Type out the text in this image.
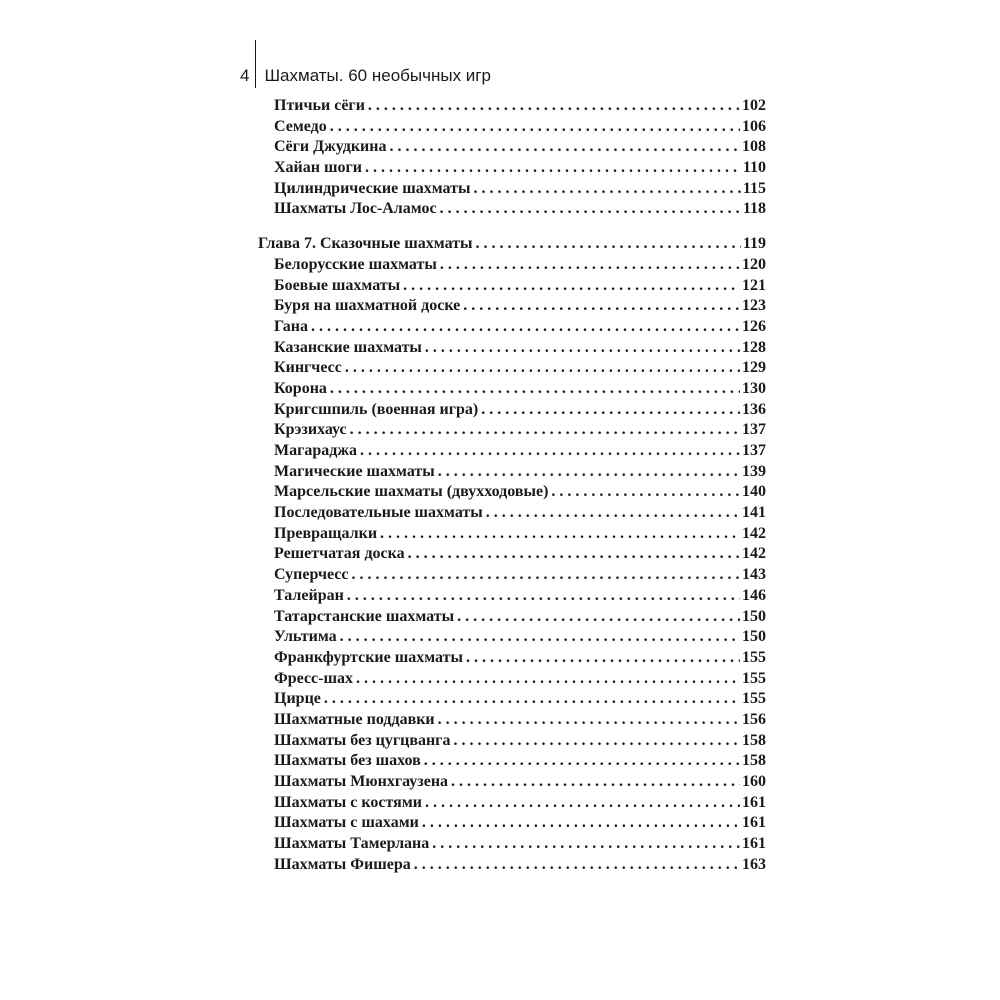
4 Шахматы. 60 необычных игр
Птичьи сёги . . .	102
Семедо . . .	106
Сёги Джудкина . . .	108
Хайан шоги . . .	110
Цилиндрические шахматы . . .	115
Шахматы Лос-Аламос . . .	118
Глава 7. Сказочные шахматы . . .	119
Белорусские шахматы . . .	120
Боевые шахматы . . .	121
Буря на шахматной доске . . .	123
Гана . . .	126
Казанские шахматы . . .	128
Кингчесс . . .	129
Корона . . .	130
Кригсшпиль (военная игра) . . .	136
Крэзихаус . . .	137
Магараджа . . .	137
Магические шахматы . . .	139
Марсельские шахматы (двухходовые) . . .	140
Последовательные шахматы . . .	141
Превращалки . . .	142
Решетчатая доска . . .	142
Суперчесс . . .	143
Талейран . . .	146
Татарстанские шахматы . . .	150
Ультима . . .	150
Франкфуртские шахматы . . .	155
Фресс-шах . . .	155
Цирце . . .	155
Шахматные поддавки . . .	156
Шахматы без цугцванга . . .	158
Шахматы без шахов . . .	158
Шахматы Мюнхгаузена . . .	160
Шахматы с костями . . .	161
Шахматы с шахами . . .	161
Шахматы Тамерлана . . .	161
Шахматы Фишера . . .	163
